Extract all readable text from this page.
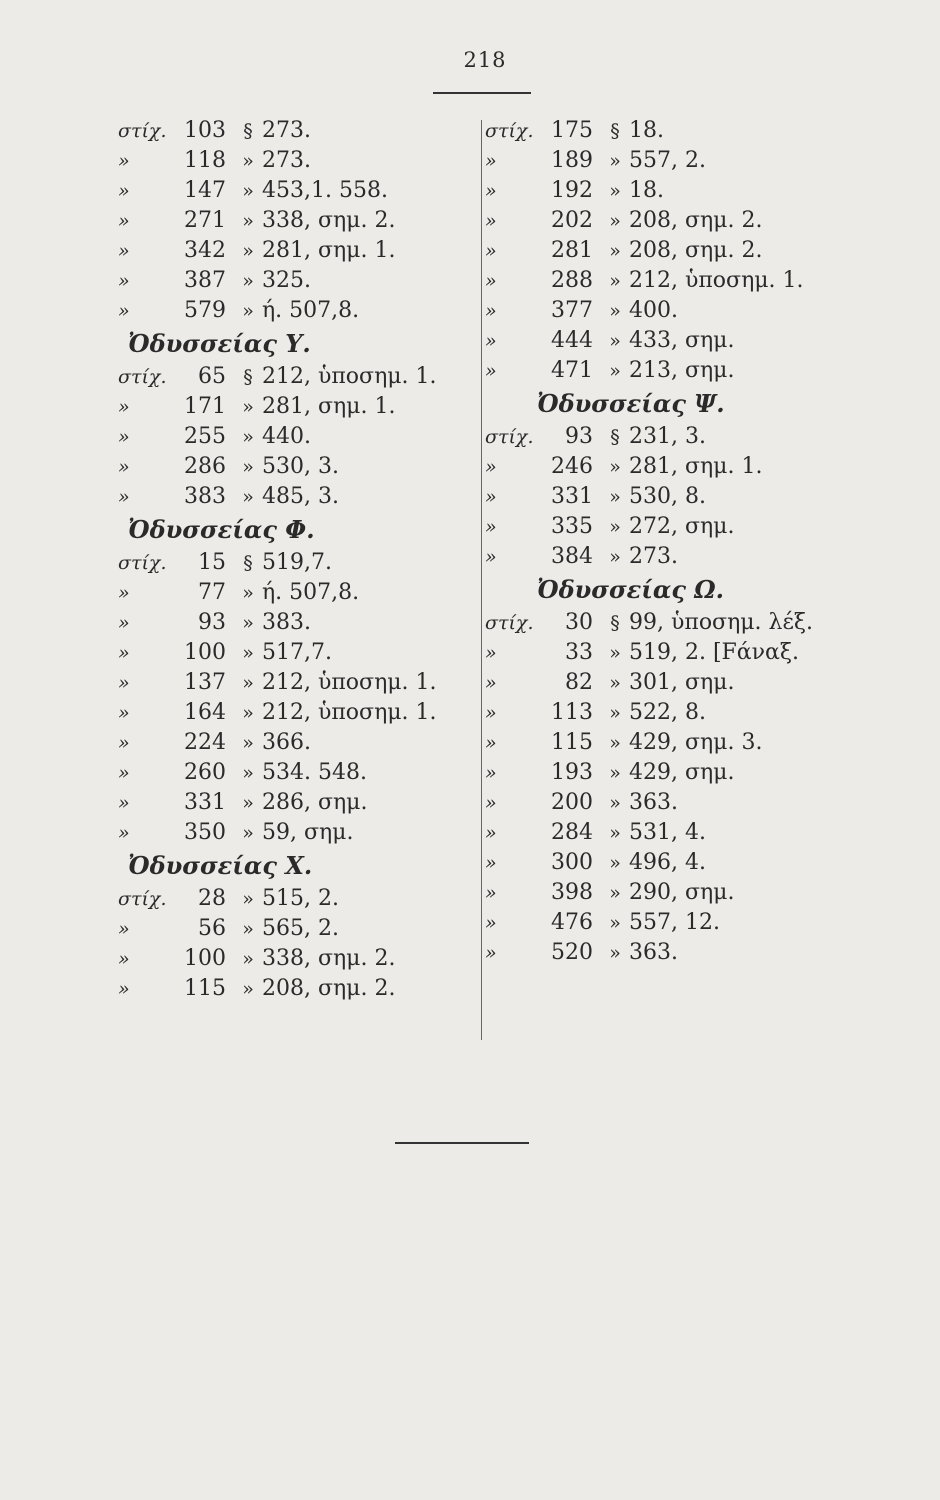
218
στίχ. 103 § 273.
» 118 » 273.
» 147 » 453,1. 558.
» 271 » 338, σημ. 2.
» 342 » 281, σημ. 1.
» 387 » 325.
» 579 » ή. 507,8.
Ὀδυσσείας Υ.
στίχ. 65 § 212, ὑποσημ. 1.
» 171 » 281, σημ. 1.
» 255 » 440.
» 286 » 530, 3.
» 383 » 485, 3.
Ὀδυσσείας Φ.
στίχ. 15 § 519,7.
»	77 » ή. 507,8.
»	93 » 383.
» 100 » 517,7.
» 137 » 212, ὑποσημ. 1.
» 164 » 212, ὑποσημ. 1.
» 224 » 366.
» 260 » 534. 548.
» 331 » 286, σημ.
» 350 » 59, σημ.
Ὀδυσσείας Χ.
στίχ. 28 » 515, 2.
»	56 » 565, 2.
» 100 » 338, σημ. 2.
» 115 » 208, σημ. 2.
στίχ. 175 § 18.
» 189 » 557, 2.
» 192 » 18.
» 202 » 208, σημ. 2.
» 281 » 208, σημ. 2.
» 288 » 212, ὑποσημ. 1.
» 377 » 400.
» 444 » 433, σημ.
» 471 » 213, σημ.
Ὀδυσσείας Ψ.
στίχ. 93 § 231, 3.
» 246 » 281, σημ. 1.
» 331 » 530, 8.
» 335 » 272, σημ.
» 384 » 273.
Ὀδυσσείας Ω.
στίχ. 30 § 99, ὑποσημ. λέξ.
»	33 » 519, 2. [Fάναξ.
»	82 » 301, σημ.
» 113 » 522, 8.
» 115 » 429, σημ. 3.
» 193 » 429, σημ.
» 200 » 363.
» 284 » 531, 4.
» 300 » 496, 4.
» 398 » 290, σημ.
» 476 » 557, 12.
» 520 » 363.
